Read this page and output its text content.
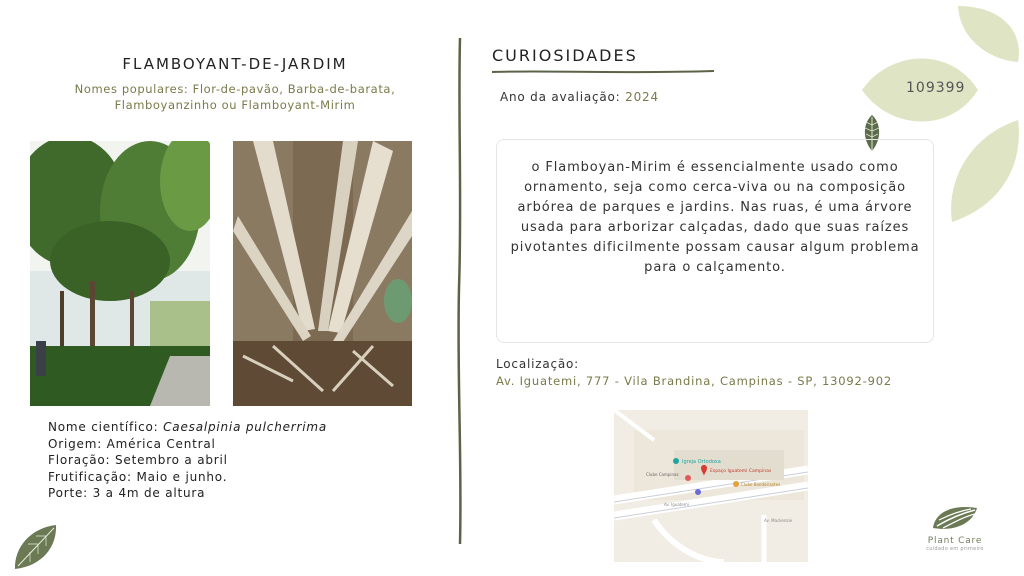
FLAMBOYANT-DE-JARDIM
Nomes populares: Flor-de-pavão, Barba-de-barata, Flamboyanzinho ou Flamboyant-Mirim
Nome científico: Caesalpinia pulcherrima
Origem: América Central
Floração: Setembro a abril
Frutificação: Maio e junho.
Porte: 3 a 4m de altura
CURIOSIDADES
Ano da avaliação: 2024
109399
o Flamboyan-Mirim é essencialmente usado como ornamento, seja como cerca-viva ou na composição arbórea de parques e jardins. Nas ruas, é uma árvore usada para arborizar calçadas, dado que suas raízes pivotantes dificilmente possam causar algum problema para o calçamento.
Localização:
Av. Iguatemi, 777 - Vila Brandina, Campinas - SP, 13092-902
Igreja Ortodoxa
Clube Campinas
Espaço Iguatemi Campinas
Clube Bandeirantes
Av. Iguatemi
Av. Mackenzie
Plant Care
cuidado em primeiro
